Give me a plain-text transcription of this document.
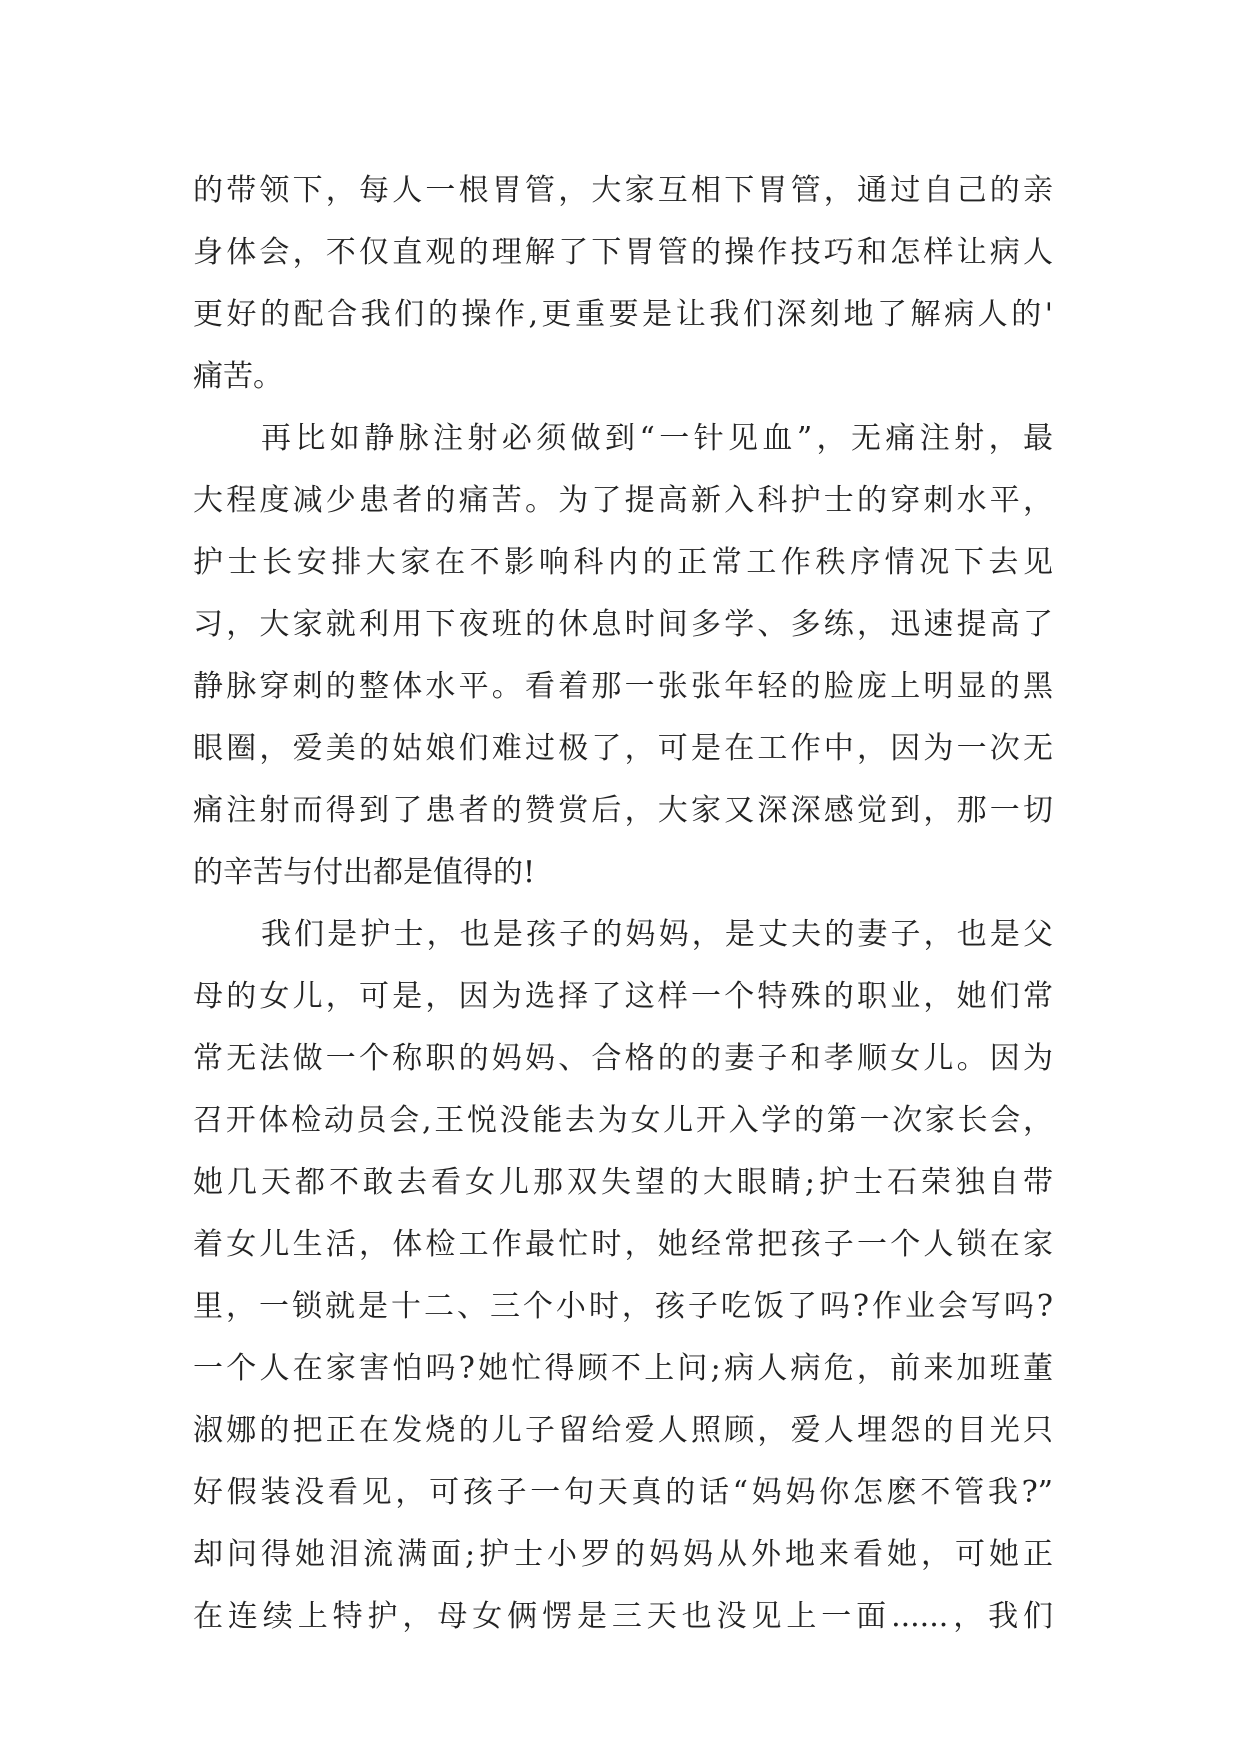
的带领下，每人一根胃管，大家互相下胃管，通过自己的亲
身体会，不仅直观的理解了下胃管的操作技巧和怎样让病人
更好的配合我们的操作,更重要是让我们深刻地了解病人的'
痛苦。
再比如静脉注射必须做到“一针见血”，无痛注射，最
大程度减少患者的痛苦。为了提高新入科护士的穿刺水平，
护士长安排大家在不影响科内的正常工作秩序情况下去见
习，大家就利用下夜班的休息时间多学、多练，迅速提高了
静脉穿刺的整体水平。看着那一张张年轻的脸庞上明显的黑
眼圈，爱美的姑娘们难过极了，可是在工作中，因为一次无
痛注射而得到了患者的赞赏后，大家又深深感觉到，那一切
的辛苦与付出都是值得的!
我们是护士，也是孩子的妈妈，是丈夫的妻子，也是父
母的女儿，可是，因为选择了这样一个特殊的职业，她们常
常无法做一个称职的妈妈、合格的的妻子和孝顺女儿。因为
召开体检动员会,王悦没能去为女儿开入学的第一次家长会，
她几天都不敢去看女儿那双失望的大眼睛;护士石荣独自带
着女儿生活，体检工作最忙时，她经常把孩子一个人锁在家
里，一锁就是十二、三个小时，孩子吃饭了吗?作业会写吗?
一个人在家害怕吗?她忙得顾不上问;病人病危，前来加班董
淑娜的把正在发烧的儿子留给爱人照顾，爱人埋怨的目光只
好假装没看见，可孩子一句天真的话“妈妈你怎麽不管我?”
却问得她泪流满面;护士小罗的妈妈从外地来看她，可她正
在连续上特护，母女俩愣是三天也没见上一面......，我们
